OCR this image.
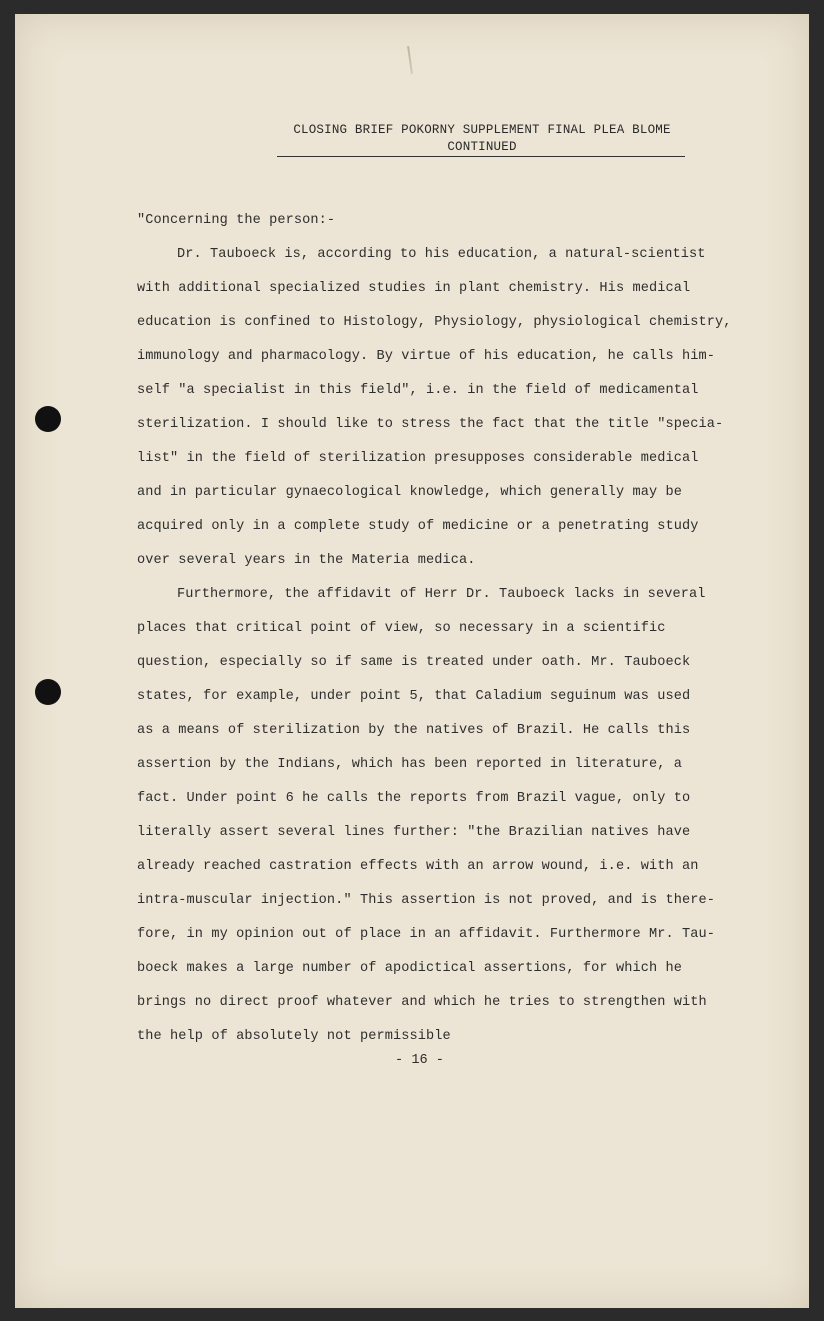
CLOSING BRIEF POKORNY SUPPLEMENT FINAL PLEA BLOME
CONTINUED
"Concerning the person:-
Dr. Tauboeck is, according to his education, a natural-scientist
with additional specialized studies in plant chemistry. His medical
education is confined to Histology, Physiology, physiological chemistry,
immunology and pharmacology. By virtue of his education, he calls him-
self "a specialist in this field", i.e. in the field of medicamental
sterilization. I should like to stress the fact that the title "specia-
list" in the field of sterilization presupposes considerable medical
and in particular gynaecological knowledge, which generally may be
acquired only in a complete study of medicine or a penetrating study
over several years in the Materia medica.
Furthermore, the affidavit of Herr Dr. Tauboeck lacks in several
places that critical point of view, so necessary in a scientific
question, especially so if same is treated under oath. Mr. Tauboeck
states, for example, under point 5, that Caladium seguinum was used
as a means of sterilization by the natives of Brazil. He calls this
assertion by the Indians, which has been reported in literature, a
fact. Under point 6 he calls the reports from Brazil vague, only to
literally assert several lines further: "the Brazilian natives have
already reached castration effects with an arrow wound, i.e. with an
intra-muscular injection." This assertion is not proved, and is there-
fore, in my opinion out of place in an affidavit. Furthermore Mr. Tau-
boeck makes a large number of apodictical assertions, for which he
brings no direct proof whatever and which he tries to strengthen with
the help of absolutely not permissible
- 16 -
